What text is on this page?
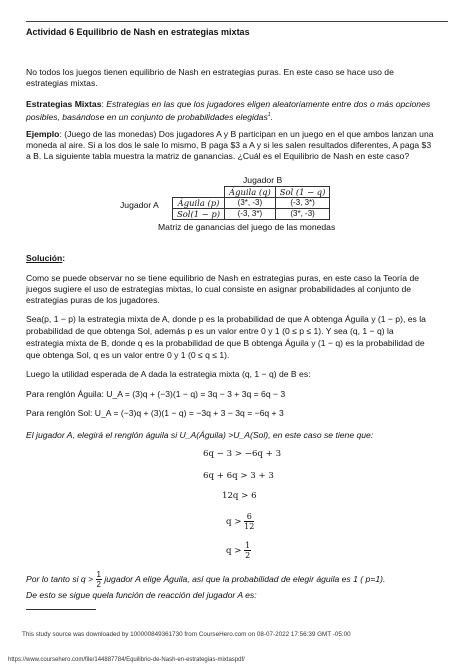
Actividad 6 Equilibrio de Nash en estrategias mixtas
No todos los juegos tienen equilibrio de Nash en estrategias puras. En este caso se hace uso de
estrategias mixtas.
Estrategias Mixtas: Estrategias en las que los jugadores eligen aleatoriamente entre dos o más opciones
posibles, basándose en un conjunto de probabilidades elegidas$^1$.
Ejemplo: (Juego de las monedas) Dos jugadores A y B participan en un juego en el que ambos lanzan una
moneda al aire. Si a los dos le sale lo mismo, B paga $3 a A y si les salen resultados diferentes, A paga $3
a B. La siguiente tabla muestra la matriz de ganancias. ¿Cuál es el Equilibrio de Nash en este caso?
Jugador B
Jugador A
	Águila (q)	Sol (1 − q)
Águila (p)	(3*, -3)	(-3, 3*)
Sol(1 − p)	(-3, 3*)	(3*, -3)
Matriz de ganancias del juego de las monedas
Solución:
Como se puede observar no se tiene equilibrio de Nash en estrategias puras, en este caso la Teoría de
juegos sugiere el uso de estrategias mixtas, lo cual consiste en asignar probabilidades al conjunto de
estrategias puras de los jugadores.
Sea(p, 1 − p) la estrategia mixta de A, donde p es la probabilidad de que A obtenga Águila y (1 − p), es la
probabilidad de que obtenga Sol, además p es un valor entre 0 y 1 (0 ≤ p ≤ 1). Y sea (q, 1 − q) la
estrategia mixta de B, donde q es la probabilidad de que B obtenga Águila y (1 − q) es la probabilidad de
que obtenga Sol, q es un valor entre 0 y 1 (0 ≤ q ≤ 1).
Luego la utilidad esperada de A dada la estrategia mixta (q, 1 − q) de B es:
Para renglón Águila: U_A = (3)q + (−3)(1 − q) = 3q − 3 + 3q = 6q − 3
Para renglón Sol: U_A = (−3)q + (3)(1 − q) = −3q + 3 − 3q = −6q + 3
El jugador A, elegirá el renglón águila si U_A(Águila) >U_A(Sol), en este caso se tiene que:
6q − 3 > −6q + 3
6q + 6q > 3 + 3
12q > 6
$q > \frac{6}{12}$
$q > \frac{1}{2}$
Por lo tanto si $q > \frac{1}{2}$ jugador A elige Águila, así que la probabilidad de elegir águila es 1 ( p=1).
De esto se sigue quela función de reacción del jugador A es:
This study source was downloaded by 100000849361730 from CourseHero.com on 08-07-2022 17:56:39 GMT -05:00
https://www.coursehero.com/file/144887784/Equilibrio-de-Nash-en-estrategias-mixtaspdf/
